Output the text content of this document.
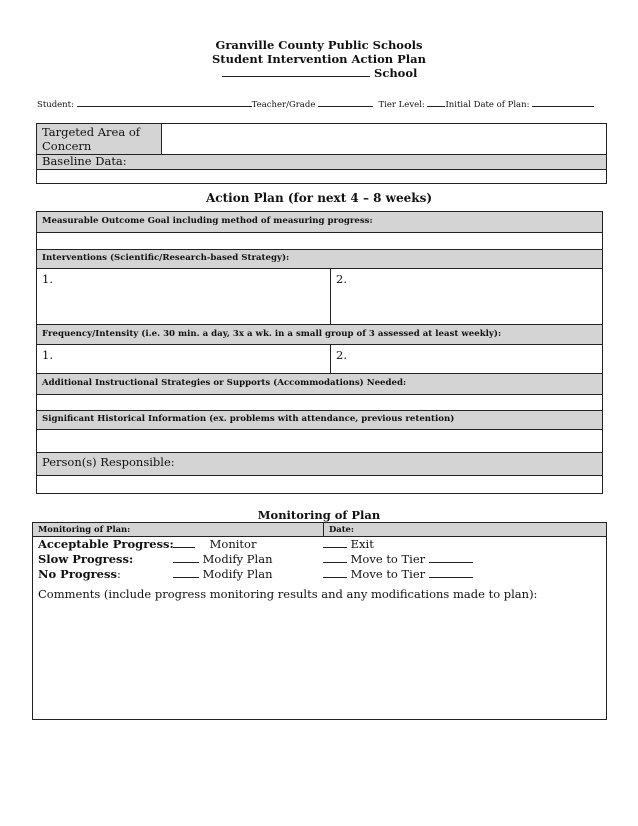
Granville County Public Schools
Student Intervention Action Plan
School
Student:	Teacher/Grade	Tier Level: Initial Date of Plan:
Targeted Area of Concern
Baseline Data:
Action Plan (for next 4 – 8 weeks)
Measurable Outcome Goal including method of measuring progress:
Interventions (Scientific/Research-based Strategy):
1.	2.
Frequency/Intensity (i.e. 30 min. a day, 3x a wk. in a small group of 3 assessed at least weekly):
1.	2.
Additional Instructional Strategies or Supports (Accommodations) Needed:
Significant Historical Information (ex. problems with attendance, previous retention)
Person(s) Responsible:
Monitoring of Plan
Monitoring of Plan:	Date:
Acceptable Progress:	Monitor	Exit
Slow Progress:	Modify Plan	Move to Tier
No Progress:	Modify Plan	Move to Tier
Comments (include progress monitoring results and any modifications made to plan):
